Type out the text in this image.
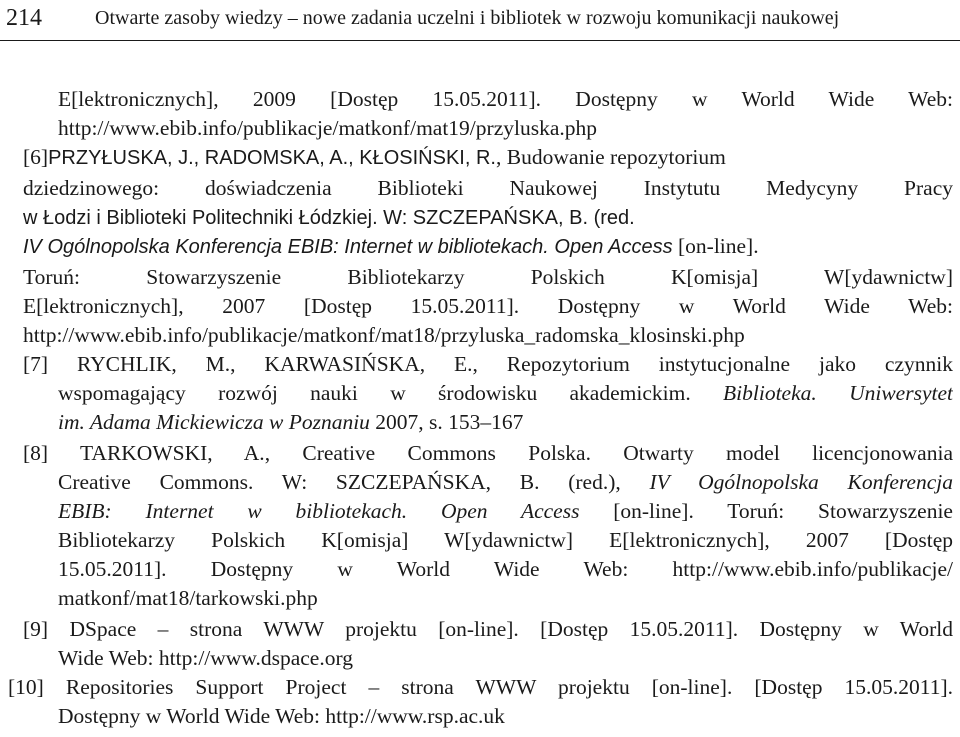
214	Otwarte zasoby wiedzy – nowe zadania uczelni i bibliotek w rozwoju komunikacji naukowej
E[lektronicznych], 2009 [Dostęp 15.05.2011]. Dostępny w World Wide Web:
http://www.ebib.info/publikacje/matkonf/mat19/przyluska.php
[6]PRZYŁUSKA, J., RADOMSKA, A., KŁOSIŃSKI, R., Budowanie repozytorium
dziedzinowego: doświadczenia Biblioteki Naukowej Instytutu Medycyny Pracy
w Łodzi i Biblioteki Politechniki Łódzkiej. W: SZCZEPAŃSKA, B. (red.
IV Ogólnopolska Konferencja EBIB: Internet w bibliotekach. Open Access [on-line].
Toruń: Stowarzyszenie Bibliotekarzy Polskich K[omisja] W[ydawnictw]
E[lektronicznych], 2007 [Dostęp 15.05.2011]. Dostępny w World Wide Web:
http://www.ebib.info/publikacje/matkonf/mat18/przyluska_radomska_klosinski.php
[7] RYCHLIK, M., KARWASIŃSKA, E., Repozytorium instytucjonalne jako czynnik
wspomagający rozwój nauki w środowisku akademickim. Biblioteka. Uniwersytet
im. Adama Mickiewicza w Poznaniu 2007, s. 153–167
[8] TARKOWSKI, A., Creative Commons Polska. Otwarty model licencjonowania
Creative Commons. W: SZCZEPAŃSKA, B. (red.), IV Ogólnopolska Konferencja
EBIB: Internet w bibliotekach. Open Access [on-line]. Toruń: Stowarzyszenie
Bibliotekarzy Polskich K[omisja] W[ydawnictw] E[lektronicznych], 2007 [Dostęp
15.05.2011]. Dostępny w World Wide Web: http://www.ebib.info/publikacje/
matkonf/mat18/tarkowski.php
[9] DSpace – strona WWW projektu [on-line]. [Dostęp 15.05.2011]. Dostępny w World
Wide Web: http://www.dspace.org
[10] Repositories Support Project – strona WWW projektu [on-line]. [Dostęp 15.05.2011].
Dostępny w World Wide Web: http://www.rsp.ac.uk
